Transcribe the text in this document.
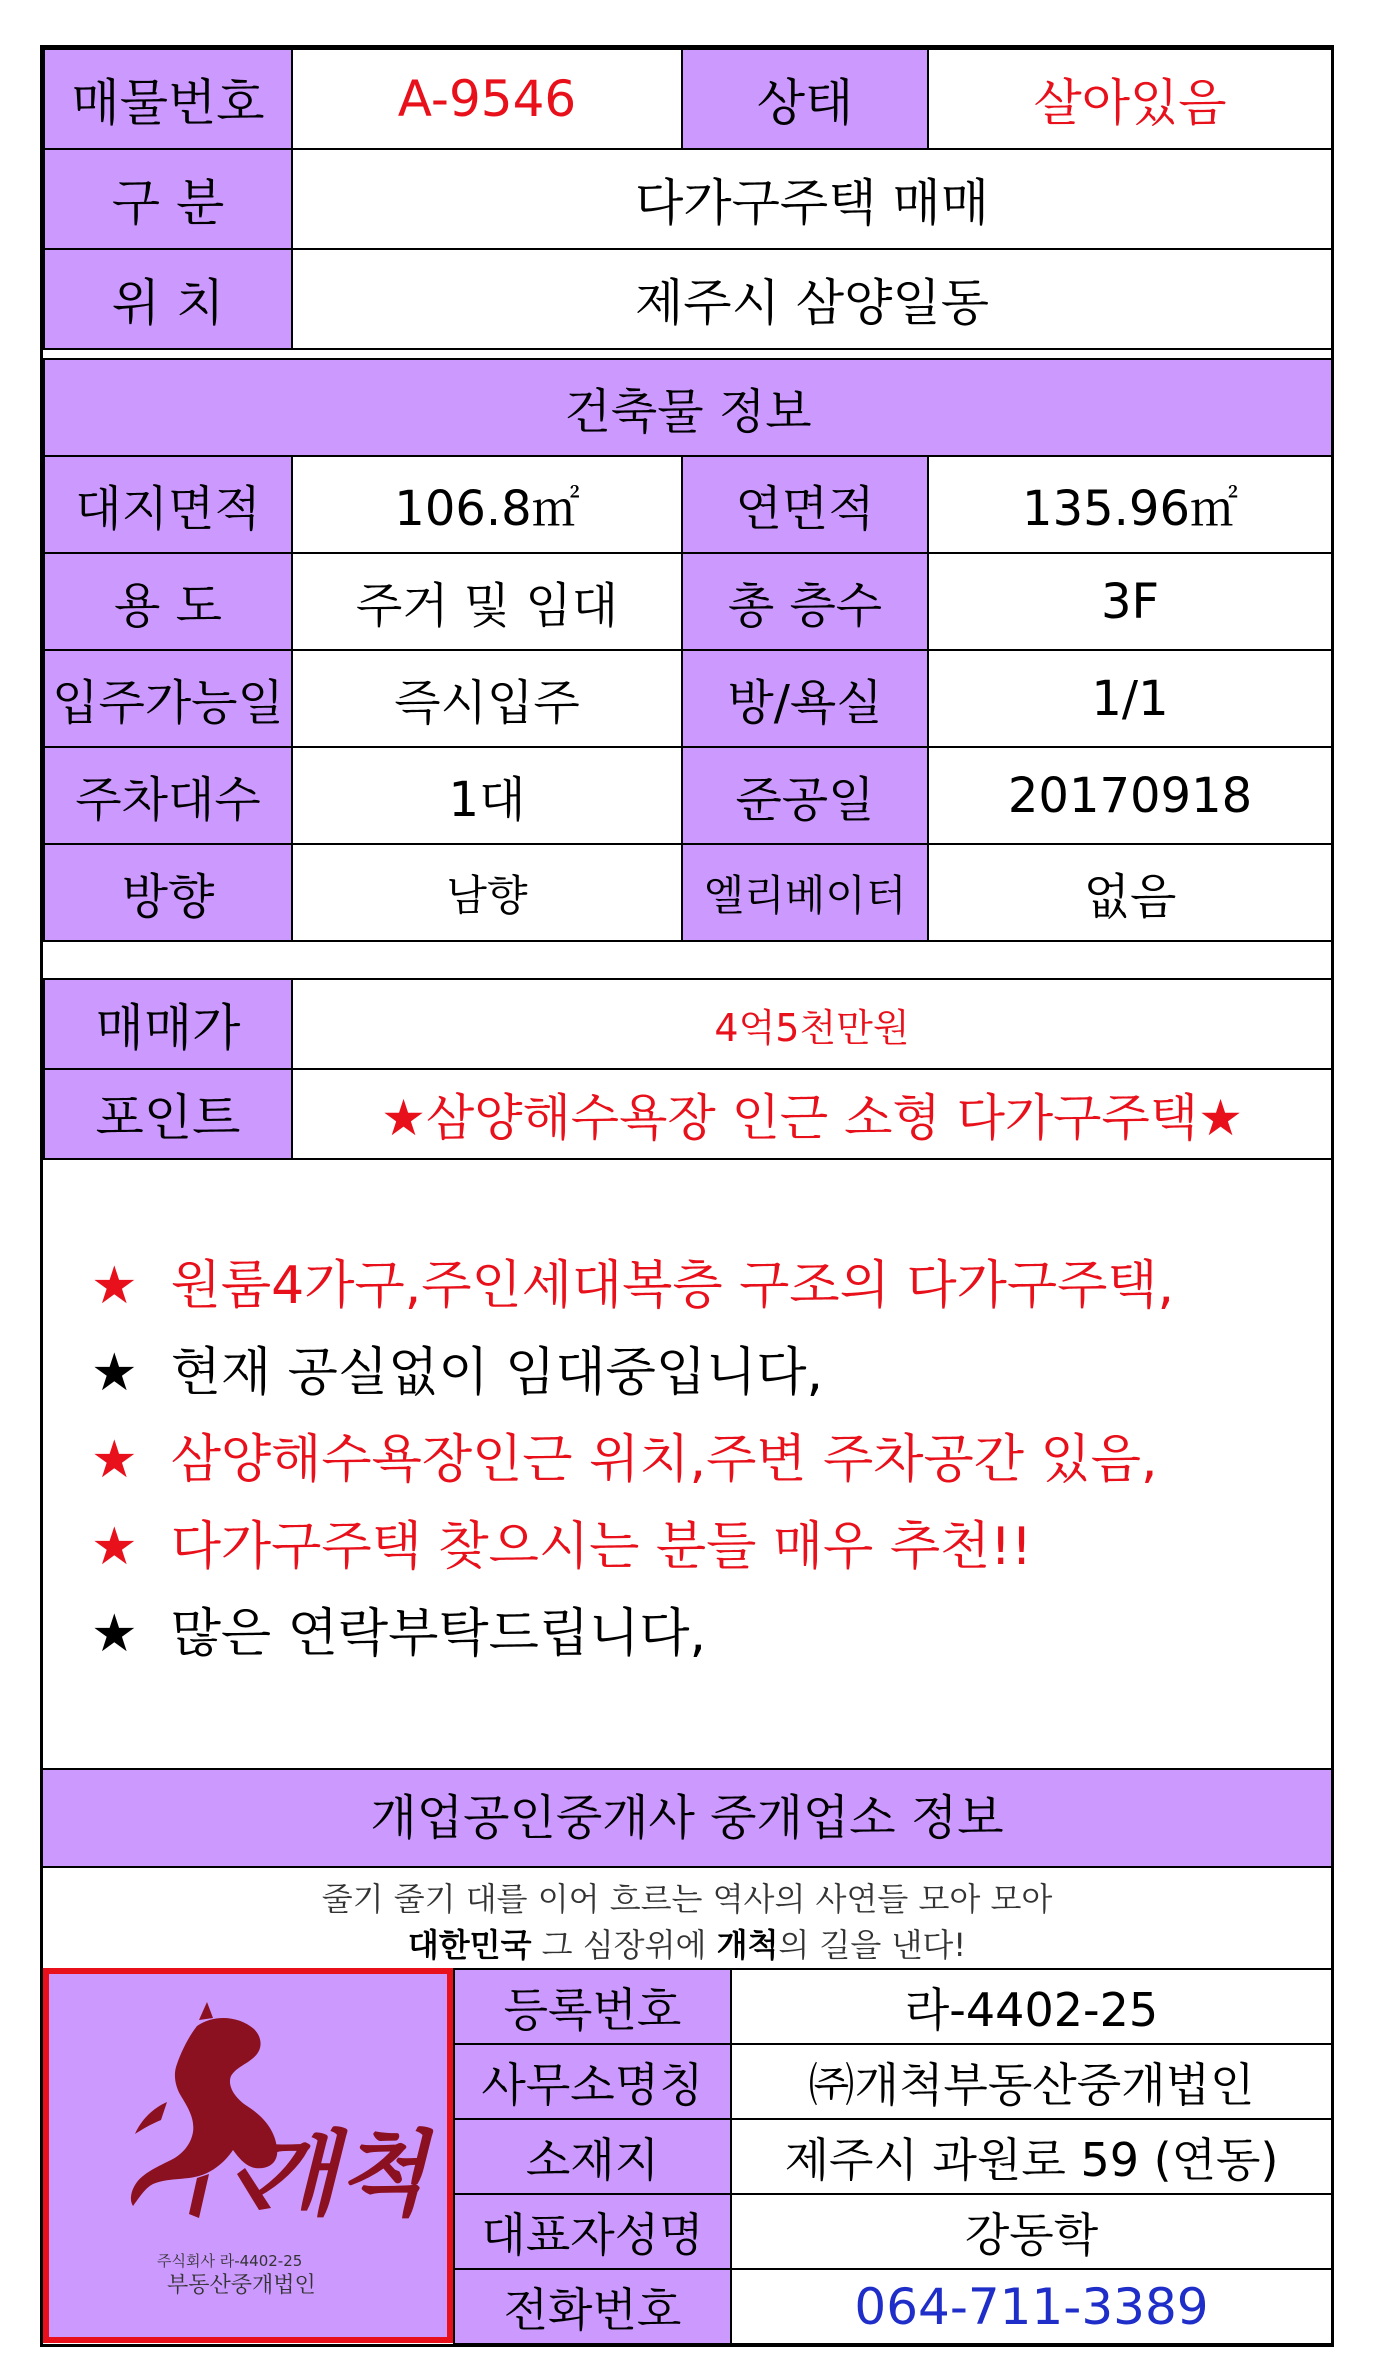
매물번호	A-9546	상태	살아있음
구 분	다가구주택 매매		
위 치	제주시 삼양일동		
건축물 정보			
대지면적	106.8㎡	연면적	135.96㎡
용 도	주거 및 임대	총 층수	3F
입주가능일	즉시입주	방/욕실	1/1
주차대수	1대	준공일	20170918
방향	남향	엘리베이터	없음
매매가	4억5천만원
포인트	★삼양해수욕장 인근 소형 다가구주택★
★ 원룸4가구,주인세대복층 구조의 다가구주택,
★ 현재 공실없이 임대중입니다,
★ 삼양해수욕장인근 위치,주변 주차공간 있음,
★ 다가구주택 찾으시는 분들 매우 추천!!
★ 많은 연락부탁드립니다,
개업공인중개사 중개업소 정보
줄기 줄기 대를 이어 흐르는 역사의 사연들 모아 모아
대한민국 그 심장위에 개척의 길을 낸다!
개척
주식회사 라-4402-25
부동산중개법인
등록번호	라-4402-25
사무소명칭	㈜개척부동산중개법인
소재지	제주시 과원로 59 (연동)
대표자성명	강동학
전화번호	064-711-3389
